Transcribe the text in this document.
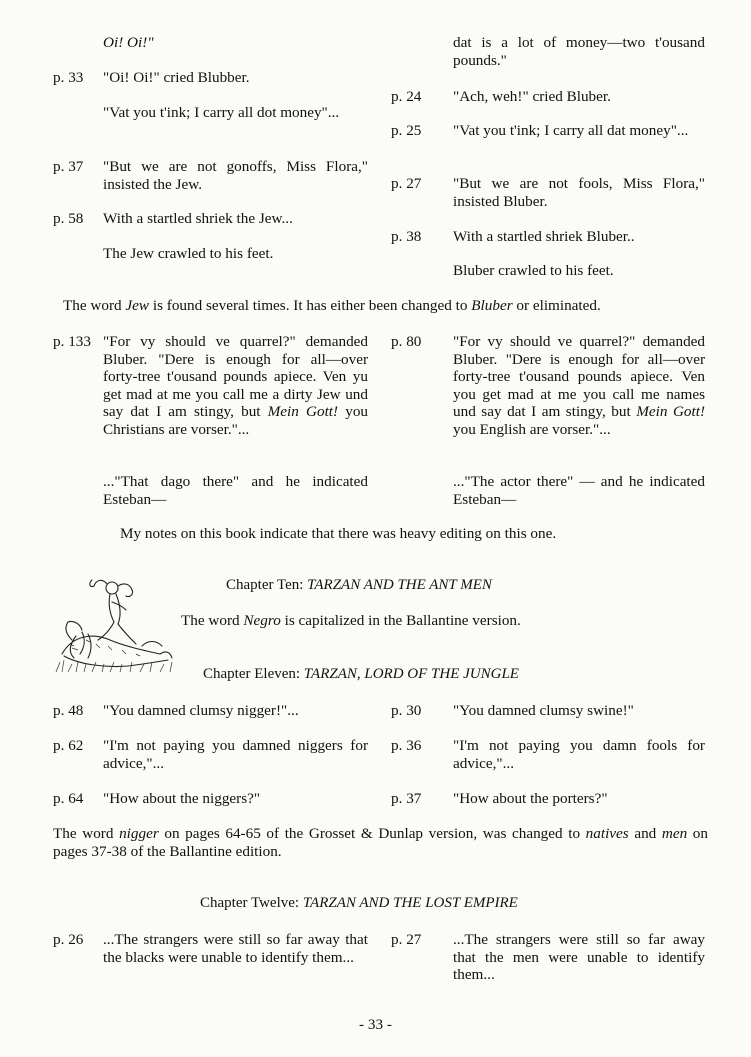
Oi! Oi!"
p. 33 "Oi! Oi!" cried Blubber.
"Vat you t'ink; I carry all dot money"...
p. 37 "But we are not gonoffs, Miss Flora," insisted the Jew.
p. 58 With a startled shriek the Jew...
The Jew crawled to his feet.
dat is a lot of money—two t'ousand pounds."
p. 24 "Ach, weh!" cried Bluber.
p. 25 "Vat you t'ink; I carry all dat money"...
p. 27 "But we are not fools, Miss Flora," insisted Bluber.
p. 38 With a startled shriek Bluber..
Bluber crawled to his feet.
The word Jew is found several times. It has either been changed to Bluber or eliminated.
p. 133 "For vy should ve quarrel?" demanded Bluber. "Dere is enough for all—over forty-tree t'ousand pounds apiece. Ven yu get mad at me you call me a dirty Jew und say dat I am stingy, but Mein Gott! you Christians are vorser."...
..."That dago there" and he indicated Esteban—
p. 80 "For vy should ve quarrel?" demanded Bluber. "Dere is enough for all—over forty-tree t'ousand pounds apiece. Ven you get mad at me you call me names und say dat I am stingy, but Mein Gott! you English are vorser."...
..."The actor there" — and he indicated Esteban—
My notes on this book indicate that there was heavy editing on this one.
Chapter Ten: TARZAN AND THE ANT MEN
The word Negro is capitalized in the Ballantine version.
Chapter Eleven: TARZAN, LORD OF THE JUNGLE
p. 48 "You damned clumsy nigger!"...	p. 30 "You damned clumsy swine!"
p. 62 "I'm not paying you damned niggers for advice,"...
p. 36 "I'm not paying you damn fools for advice,"...
p. 64 "How about the niggers?"	p. 37 "How about the porters?"
The word nigger on pages 64-65 of the Grosset & Dunlap version, was changed to natives and men on pages 37-38 of the Ballantine edition.
Chapter Twelve: TARZAN AND THE LOST EMPIRE
p. 26 ...The strangers were still so far away that the blacks were unable to identify them...
p. 27 ...The strangers were still so far away that the men were unable to identify them...
- 33 -
